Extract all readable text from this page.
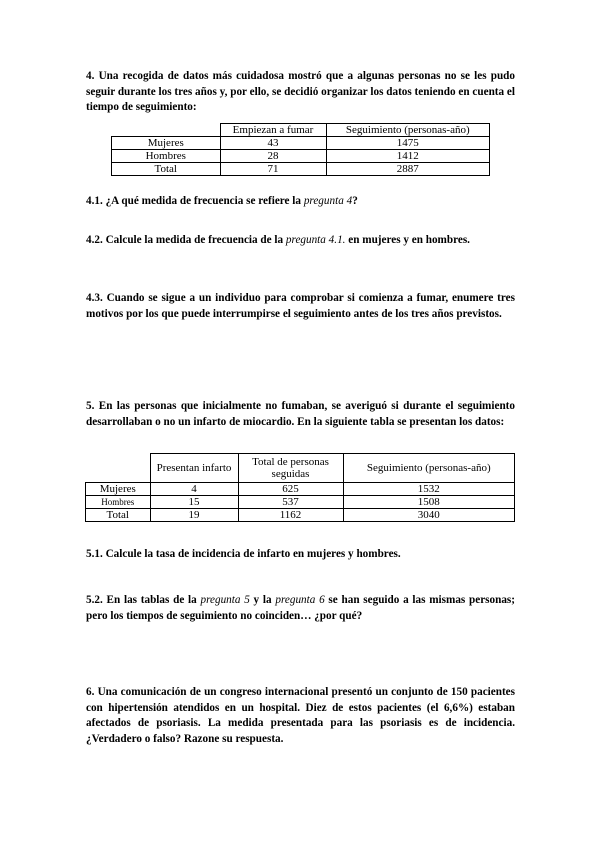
4. Una recogida de datos más cuidadosa mostró que a algunas personas no se les pudo seguir durante los tres años y, por ello, se decidió organizar los datos teniendo en cuenta el tiempo de seguimiento:

	Empiezan a fumar	Seguimiento (personas-año)
Mujeres	43	1475
Hombres	28	1412
Total	71	2887

4.1. ¿A qué medida de frecuencia se refiere la pregunta 4?

4.2. Calcule la medida de frecuencia de la pregunta 4.1. en mujeres y en hombres.

4.3. Cuando se sigue a un individuo para comprobar si comienza a fumar, enumere tres motivos por los que puede interrumpirse el seguimiento antes de los tres años previstos.

5. En las personas que inicialmente no fumaban, se averiguó si durante el seguimiento desarrollaban o no un infarto de miocardio. En la siguiente tabla se presentan los datos:

	Presentan infarto	Total de personas seguidas	Seguimiento (personas-año)
Mujeres	4	625	1532
Hombres	15	537	1508
Total	19	1162	3040

5.1. Calcule la tasa de incidencia de infarto en mujeres y hombres.

5.2. En las tablas de la pregunta 5 y la pregunta 6 se han seguido a las mismas personas; pero los tiempos de seguimiento no coinciden… ¿por qué?

6. Una comunicación de un congreso internacional presentó un conjunto de 150 pacientes con hipertensión atendidos en un hospital. Diez de estos pacientes (el 6,6%) estaban afectados de psoriasis. La medida presentada para las psoriasis es de incidencia. ¿Verdadero o falso? Razone su respuesta.
